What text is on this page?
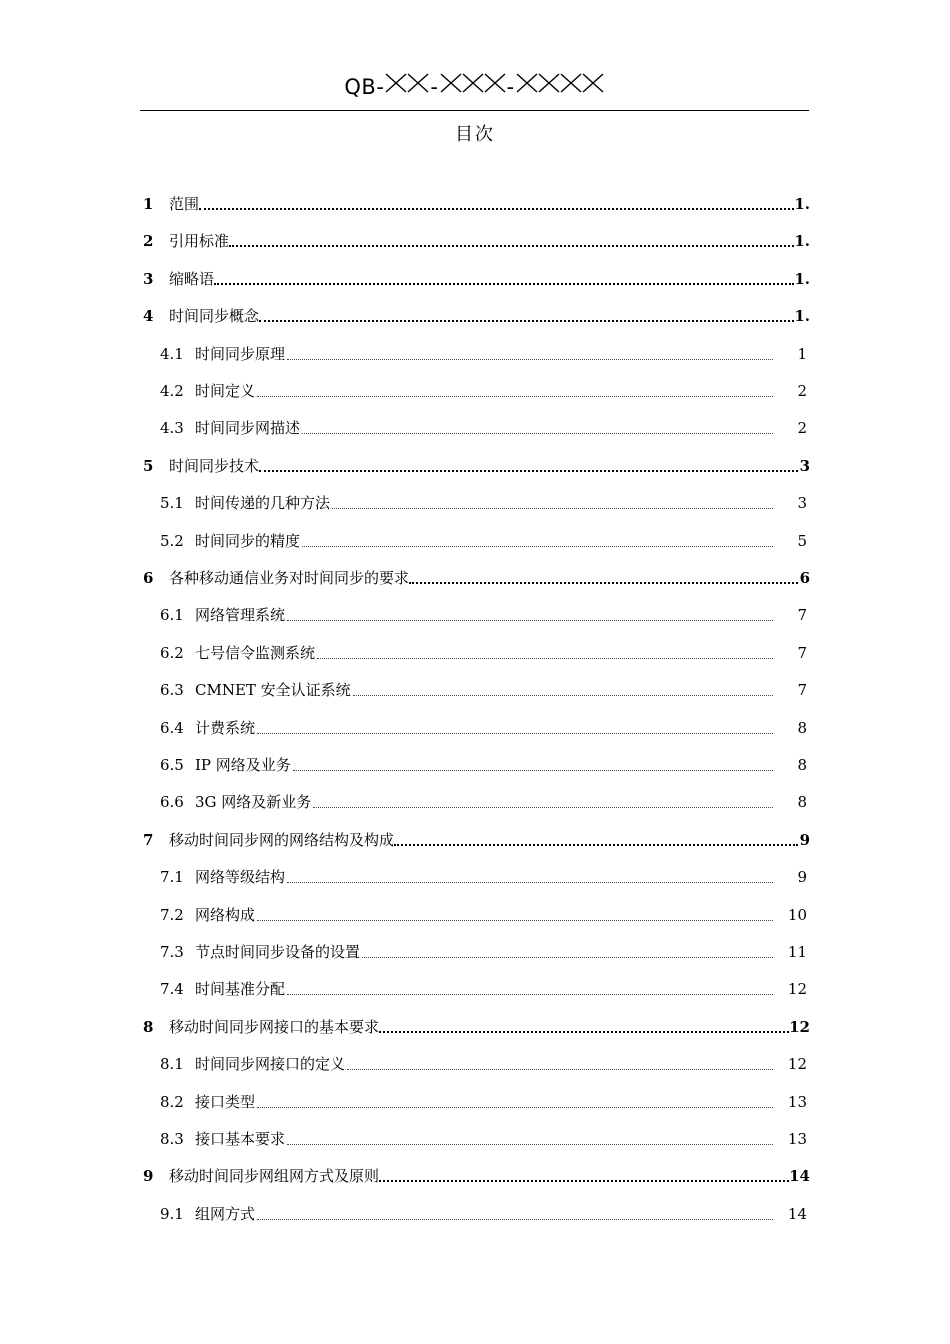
QB-	-	-
目次
1	范围	1.
2	引用标准	1.
3	缩略语	1.
4	时间同步概念	1.
4.1 时间同步原理	1
4.2 时间定义	2
4.3 时间同步网描述	2
5	时间同步技术	3
5.1 时间传递的几种方法	3
5.2 时间同步的精度	5
6	各种移动通信业务对时间同步的要求	6
6.1 网络管理系统	7
6.2 七号信令监测系统	7
6.3 CMNET 安全认证系统	7
6.4 计费系统	8
6.5 IP 网络及业务	8
6.6 3G 网络及新业务	8
7	移动时间同步网的网络结构及构成	9
7.1 网络等级结构	9
7.2 网络构成	10
7.3 节点时间同步设备的设置	11
7.4 时间基准分配	12
8	移动时间同步网接口的基本要求	12
8.1 时间同步网接口的定义	12
8.2 接口类型	13
8.3 接口基本要求	13
9	移动时间同步网组网方式及原则	14
9.1 组网方式	14
